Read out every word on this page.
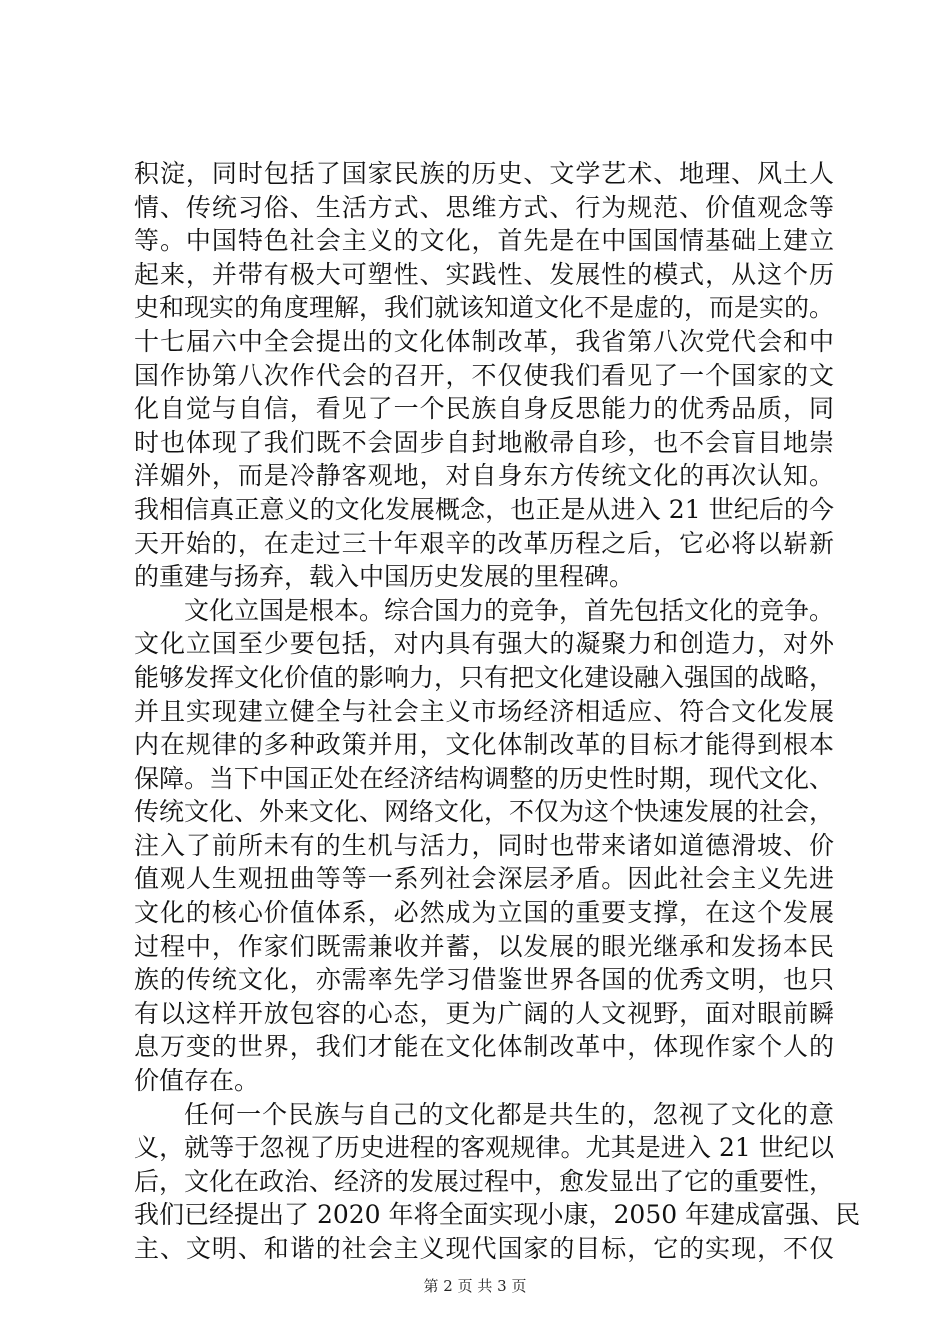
积淀，同时包括了国家民族的历史、文学艺术、地理、风土人
情、传统习俗、生活方式、思维方式、行为规范、价值观念等
等。中国特色社会主义的文化，首先是在中国国情基础上建立
起来，并带有极大可塑性、实践性、发展性的模式，从这个历
史和现实的角度理解，我们就该知道文化不是虚的，而是实的。
十七届六中全会提出的文化体制改革，我省第八次党代会和中
国作协第八次作代会的召开，不仅使我们看见了一个国家的文
化自觉与自信，看见了一个民族自身反思能力的优秀品质，同
时也体现了我们既不会固步自封地敝帚自珍，也不会盲目地崇
洋媚外，而是冷静客观地，对自身东方传统文化的再次认知。
我相信真正意义的文化发展概念，也正是从进入 21 世纪后的今
天开始的，在走过三十年艰辛的改革历程之后，它必将以崭新
的重建与扬弃，载入中国历史发展的里程碑。
文化立国是根本。综合国力的竞争，首先包括文化的竞争。
文化立国至少要包括，对内具有强大的凝聚力和创造力，对外
能够发挥文化价值的影响力，只有把文化建设融入强国的战略，
并且实现建立健全与社会主义市场经济相适应、符合文化发展
内在规律的多种政策并用，文化体制改革的目标才能得到根本
保障。当下中国正处在经济结构调整的历史性时期，现代文化、
传统文化、外来文化、网络文化，不仅为这个快速发展的社会，
注入了前所未有的生机与活力，同时也带来诸如道德滑坡、价
值观人生观扭曲等等一系列社会深层矛盾。因此社会主义先进
文化的核心价值体系，必然成为立国的重要支撑，在这个发展
过程中，作家们既需兼收并蓄，以发展的眼光继承和发扬本民
族的传统文化，亦需率先学习借鉴世界各国的优秀文明，也只
有以这样开放包容的心态，更为广阔的人文视野，面对眼前瞬
息万变的世界，我们才能在文化体制改革中，体现作家个人的
价值存在。
任何一个民族与自己的文化都是共生的，忽视了文化的意
义，就等于忽视了历史进程的客观规律。尤其是进入 21 世纪以
后，文化在政治、经济的发展过程中，愈发显出了它的重要性，
我们已经提出了 2020 年将全面实现小康，2050 年建成富强、民
主、文明、和谐的社会主义现代国家的目标，它的实现，不仅
第 2 页 共 3 页
